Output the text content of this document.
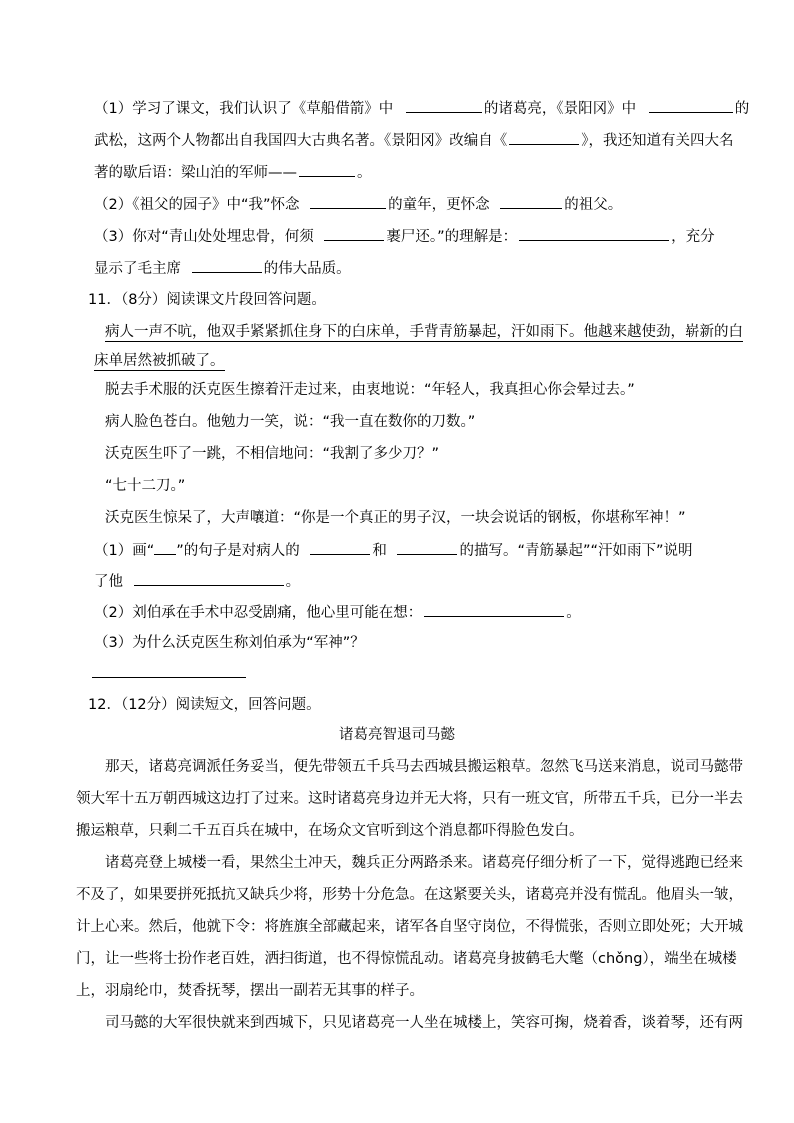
（1）学习了课文，我们认识了《草船借箭》中	的诸葛亮，《景阳冈》中	的
武松，这两个人物都出自我国四大古典名著。《景阳冈》改编自《	》，我还知道有关四大名
著的歇后语：梁山泊的军师——	。
（2）《祖父的园子》中“我”怀念	的童年，更怀念	的祖父。
（3）你对“青山处处埋忠骨，何须	裹尸还。”的理解是：	，充分
显示了毛主席	的伟大品质。
11．（8分）阅读课文片段回答问题。
病人一声不吭，他双手紧紧抓住身下的白床单，手背青筋暴起，汗如雨下。他越来越使劲，崭新的白
床单居然被抓破了。
脱去手术服的沃克医生擦着汗走过来，由衷地说：“年轻人，我真担心你会晕过去。”
病人脸色苍白。他勉力一笑，说：“我一直在数你的刀数。”
沃克医生吓了一跳，不相信地问：“我割了多少刀？”
“七十二刀。”
沃克医生惊呆了，大声嚷道：“你是一个真正的男子汉，一块会说话的钢板，你堪称军神！”
（1）画“ ”的句子是对病人的	和	的描写。“青筋暴起”“汗如雨下”说明
了他	。
（2）刘伯承在手术中忍受剧痛，他心里可能在想：	。
（3）为什么沃克医生称刘伯承为“军神”？
12．（12分）阅读短文，回答问题。
诸葛亮智退司马懿
那天，诸葛亮调派任务妥当，便先带领五千兵马去西城县搬运粮草。忽然飞马送来消息，说司马懿带
领大军十五万朝西城这边打了过来。这时诸葛亮身边并无大将，只有一班文官，所带五千兵，已分一半去
搬运粮草，只剩二千五百兵在城中，在场众文官听到这个消息都吓得脸色发白。
诸葛亮登上城楼一看，果然尘土冲天，魏兵正分两路杀来。诸葛亮仔细分析了一下，觉得逃跑已经来
不及了，如果要拼死抵抗又缺兵少将，形势十分危急。在这紧要关头，诸葛亮并没有慌乱。他眉头一皱，
计上心来。然后，他就下令：将旌旗全部藏起来，诸军各自坚守岗位，不得慌张，否则立即处死；大开城
门，让一些将士扮作老百姓，洒扫街道，也不得惊慌乱动。诸葛亮身披鹤毛大氅（chǒng），端坐在城楼
上，羽扇纶巾，焚香抚琴，摆出一副若无其事的样子。
司马懿的大军很快就来到西城下，只见诸葛亮一人坐在城楼上，笑容可掬，烧着香，谈着琴，还有两
